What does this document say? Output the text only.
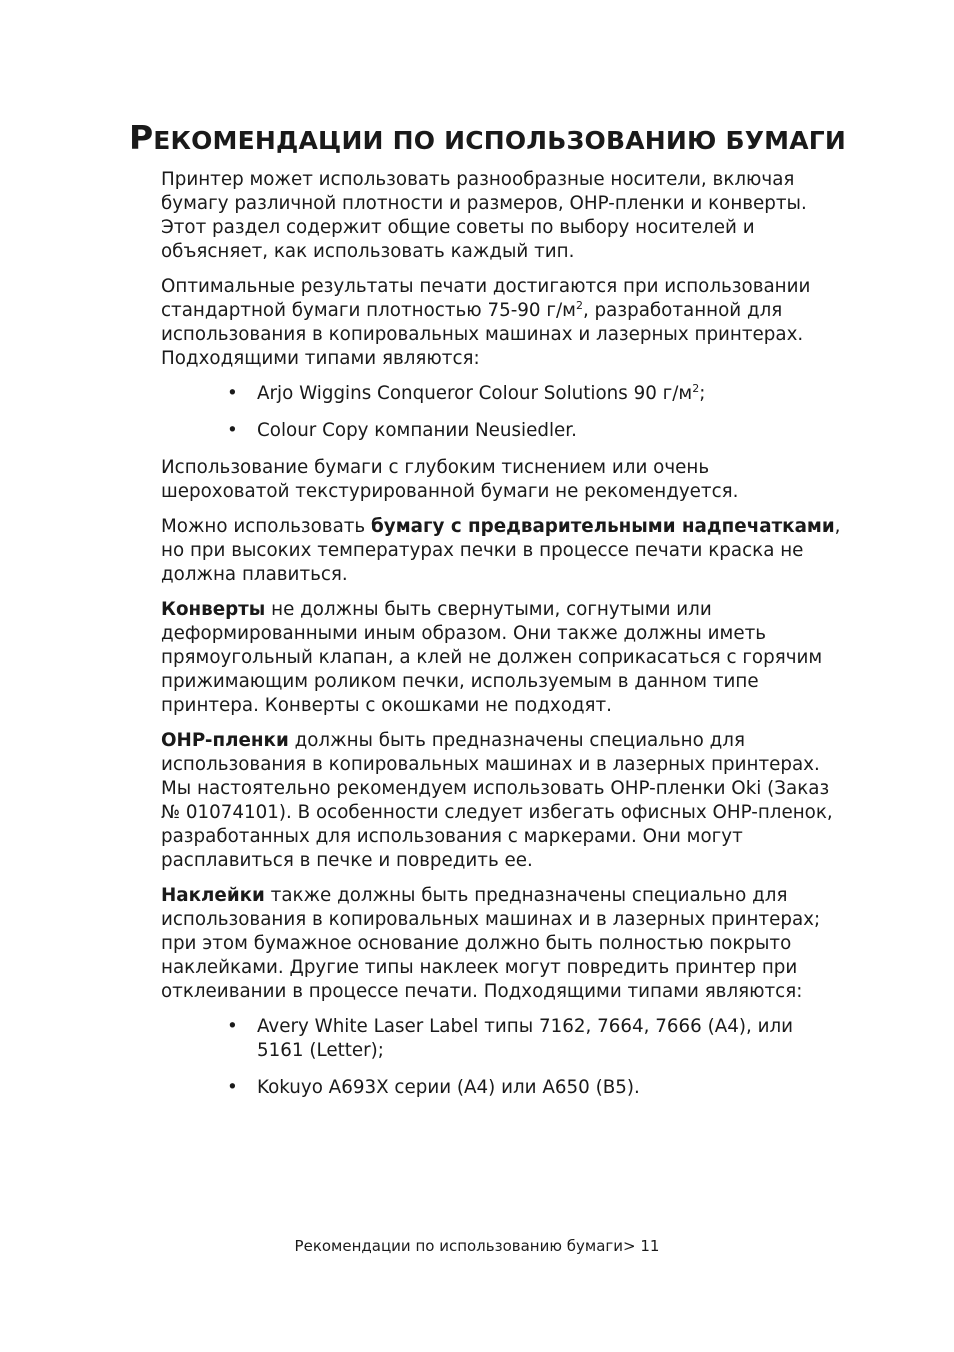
РЕКОМЕНДАЦИИ ПО ИСПОЛЬЗОВАНИЮ БУМАГИ

Принтер может использовать разнообразные носители, включая бумагу различной плотности и размеров, OHP-пленки и конверты. Этот раздел содержит общие советы по выбору носителей и объясняет, как использовать каждый тип.

Оптимальные результаты печати достигаются при использовании стандартной бумаги плотностью 75-90 $г/м^2$, разработанной для использования в копировальных машинах и лазерных принтерах. Подходящими типами являются:

•	Arjo Wiggins Conqueror Colour Solutions 90 $г/м^2$;
•	Colour Copy компании Neusiedler.

Использование бумаги с глубоким тиснением или очень шероховатой текстурированной бумаги не рекомендуется.

Можно использовать бумагу с предварительными надпечатками, но при высоких температурах печки в процессе печати краска не должна плавиться.

Конверты не должны быть свернутыми, согнутыми или деформированными иным образом. Они также должны иметь прямоугольный клапан, а клей не должен соприкасаться с горячим прижимающим роликом печки, используемым в данном типе принтера. Конверты с окошками не подходят.

OHP-пленки должны быть предназначены специально для использования в копировальных машинах и в лазерных принтерах. Мы настоятельно рекомендуем использовать OHP-пленки Oki (Заказ № 01074101). В особенности следует избегать офисных OHP-пленок, разработанных для использования с маркерами. Они могут расплавиться в печке и повредить ее.

Наклейки также должны быть предназначены специально для использования в копировальных машинах и в лазерных принтерах; при этом бумажное основание должно быть полностью покрыто наклейками. Другие типы наклеек могут повредить принтер при отклеивании в процессе печати. Подходящими типами являются:

•	Avery White Laser Label типы 7162, 7664, 7666 (A4), или 5161 (Letter);
•	Kokuyo A693X серии (A4) или A650 (B5).
Рекомендации по использованию бумаги> 11
